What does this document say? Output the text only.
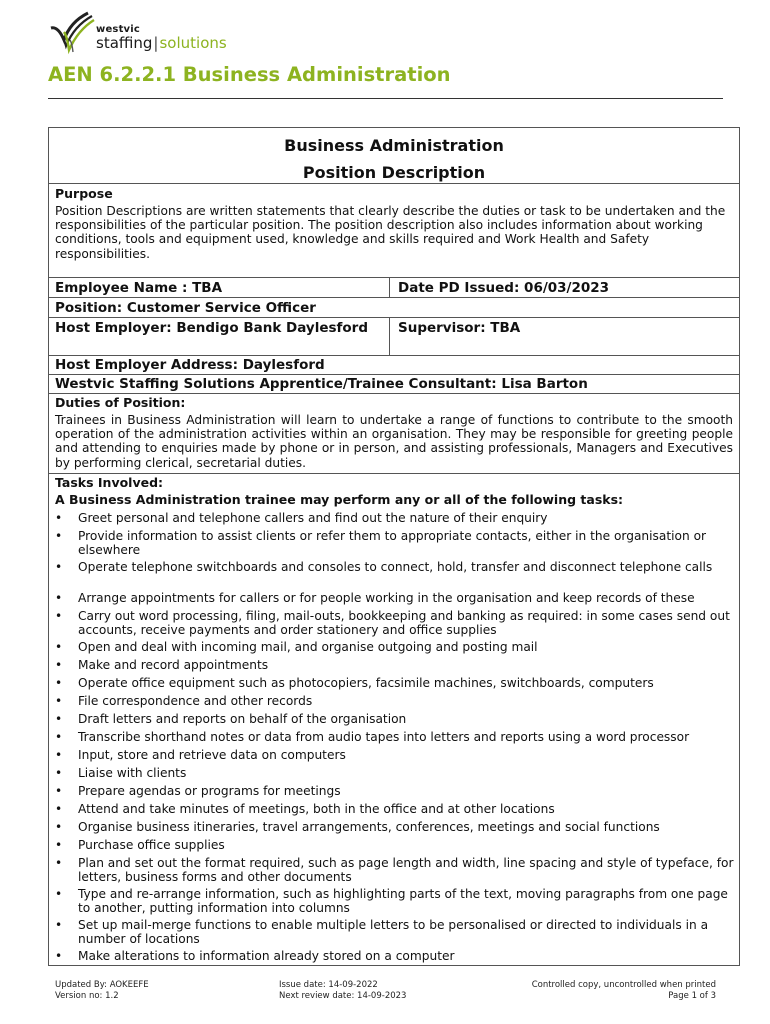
westvic
staffing|solutions
AEN 6.2.2.1 Business Administration
Business Administration
Position Description
Purpose
Position Descriptions are written statements that clearly describe the duties or task to be undertaken and the responsibilities of the particular position. The position description also includes information about working conditions, tools and equipment used, knowledge and skills required and Work Health and Safety responsibilities.
Employee Name : TBA	Date PD Issued: 06/03/2023
Position: Customer Service Officer
Host Employer: Bendigo Bank Daylesford	Supervisor: TBA
Host Employer Address: Daylesford
Westvic Staffing Solutions Apprentice/Trainee Consultant: Lisa Barton
Duties of Position:
Trainees in Business Administration will learn to undertake a range of functions to contribute to the smooth operation of the administration activities within an organisation. They may be responsible for greeting people and attending to enquiries made by phone or in person, and assisting professionals, Managers and Executives by performing clerical, secretarial duties.
Tasks Involved:
A Business Administration trainee may perform any or all of the following tasks:
•	Greet personal and telephone callers and find out the nature of their enquiry
•	Provide information to assist clients or refer them to appropriate contacts, either in the organisation or elsewhere
•	Operate telephone switchboards and consoles to connect, hold, transfer and disconnect telephone calls
•	Arrange appointments for callers or for people working in the organisation and keep records of these
•	Carry out word processing, filing, mail-outs, bookkeeping and banking as required: in some cases send out accounts, receive payments and order stationery and office supplies
•	Open and deal with incoming mail, and organise outgoing and posting mail
•	Make and record appointments
•	Operate office equipment such as photocopiers, facsimile machines, switchboards, computers
•	File correspondence and other records
•	Draft letters and reports on behalf of the organisation
•	Transcribe shorthand notes or data from audio tapes into letters and reports using a word processor
•	Input, store and retrieve data on computers
•	Liaise with clients
•	Prepare agendas or programs for meetings
•	Attend and take minutes of meetings, both in the office and at other locations
•	Organise business itineraries, travel arrangements, conferences, meetings and social functions
•	Purchase office supplies
•	Plan and set out the format required, such as page length and width, line spacing and style of typeface, for letters, business forms and other documents
•	Type and re-arrange information, such as highlighting parts of the text, moving paragraphs from one page to another, putting information into columns
•	Set up mail-merge functions to enable multiple letters to be personalised or directed to individuals in a number of locations
•	Make alterations to information already stored on a computer
Updated By: AOKEEFE
Version no: 1.2
Issue date: 14-09-2022
Next review date: 14-09-2023
Controlled copy, uncontrolled when printed
Page 1 of 3
